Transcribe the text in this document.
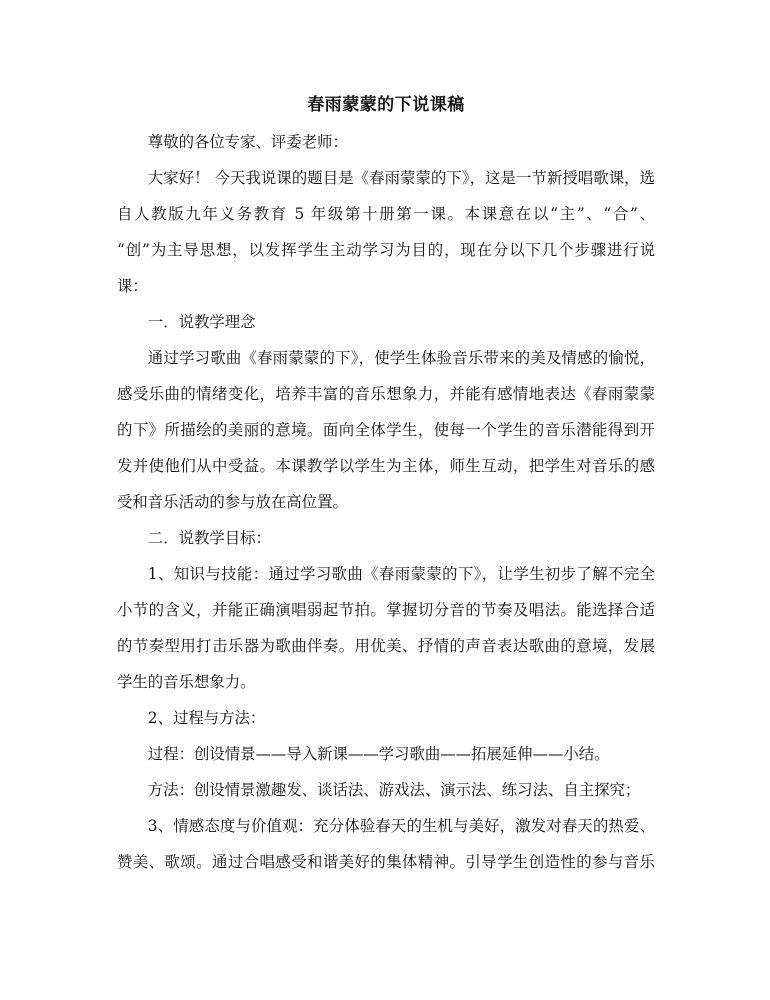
春雨蒙蒙的下说课稿

尊敬的各位专家、评委老师：

大家好！ 今天我说课的题目是《春雨蒙蒙的下》，这是一节新授唱歌课，选
自人教版九年义务教育 5 年级第十册第一课。本课意在以“主”、“合”、
“创”为主导思想，以发挥学生主动学习为目的，现在分以下几个步骤进行说
课：

一．说教学理念

通过学习歌曲《春雨蒙蒙的下》，使学生体验音乐带来的美及情感的愉悦，
感受乐曲的情绪变化，培养丰富的音乐想象力，并能有感情地表达《春雨蒙蒙
的下》所描绘的美丽的意境。面向全体学生，使每一个学生的音乐潜能得到开
发并使他们从中受益。本课教学以学生为主体，师生互动，把学生对音乐的感
受和音乐活动的参与放在高位置。

二．说教学目标：

1、知识与技能：通过学习歌曲《春雨蒙蒙的下》，让学生初步了解不完全
小节的含义，并能正确演唱弱起节拍。掌握切分音的节奏及唱法。能选择合适
的节奏型用打击乐器为歌曲伴奏。用优美、抒情的声音表达歌曲的意境，发展
学生的音乐想象力。

2、过程与方法：

过程：创设情景——导入新课——学习歌曲——拓展延伸——小结。

方法：创设情景激趣发、谈话法、游戏法、演示法、练习法、自主探究；

3、情感态度与价值观：充分体验春天的生机与美好，激发对春天的热爱、
赞美、歌颂。通过合唱感受和谐美好的集体精神。引导学生创造性的参与音乐
